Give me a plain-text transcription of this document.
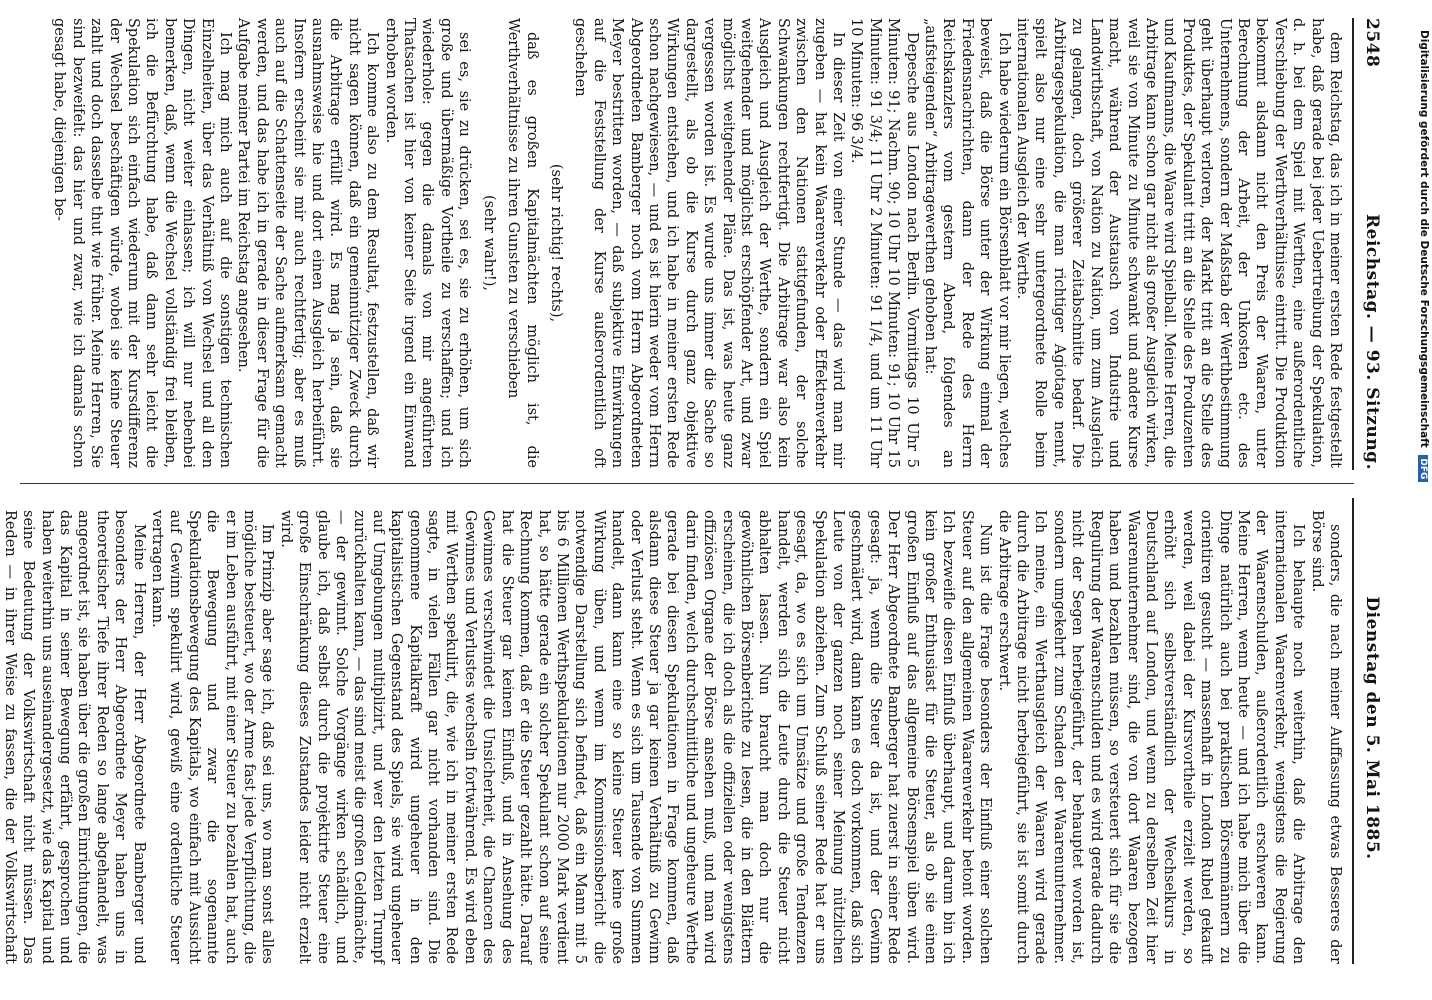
2548
Reichstag. — 93. Sitzung.
Dienstag den 5. Mai 1885.

dem Reichstag, das ich in meiner ersten Rede festgestellt habe, daß gerade bei jeder Uebertreibung der Spekulation, d. h. bei dem Spiel mit Werthen, eine außerordentliche Verschiebung der Werthverhältnisse eintritt. Die Produktion bekommt alsdann nicht den Preis der Waaren, unter Berechnung der Arbeit, der Unkosten etc. des Unternehmens, sondern der Maßstab der Werthbestimmung geht überhaupt verloren, der Markt tritt an die Stelle des Produktes, der Spekulant tritt an die Stelle des Produzenten und Kaufmanns, die Waare wird Spielball. Meine Herren, die Arbitrage kann schon gar nicht als großer Ausgleich wirken, weil sie von Minute zu Minute schwankt und andere Kurse macht, während der Austausch von Industrie und Landwirthschaft, von Nation zu Nation, um zum Ausgleich zu gelangen, doch größerer Zeitabschnitte bedarf. Die Arbitragespekulation, die man richtiger Agiotage nennt, spielt also nur eine sehr untergeordnete Rolle beim internationalen Ausgleich der Werthe.

Ich habe wiederum ein Börsenblatt vor mir liegen, welches beweist, daß die Börse unter der Wirkung einmal der Friedensnachrichten, dann der Rede des Herrn Reichskanzlers vom gestern Abend, folgendes an „aufsteigenden“ Arbitragewerthen gehoben hat:

Depesche aus London nach Berlin. Vormittags 10 Uhr 5 Minuten: 91; Nachm. 90; 10 Uhr 10 Minuten: 91; 10 Uhr 15 Minuten: 91 3/4; 11 Uhr 2 Minuten: 91 1/4, und um 11 Uhr 10 Minuten: 96 3/4.

In dieser Zeit von einer Stunde — das wird man mir zugeben — hat kein Waarenverkehr oder Effektenverkehr zwischen den Nationen stattgefunden, der solche Schwankungen rechtfertigt. Die Arbitrage war also kein Ausgleich und Ausgleich der Werthe, sondern ein Spiel weitgehender und möglichst erschöpfender Art, und zwar möglichst weitgehender Pläne. Das ist, was heute ganz vergessen worden ist. Es wurde uns immer die Sache so dargestellt, als ob die Kurse durch ganz objektive Wirkungen entstehen, und ich habe in meiner ersten Rede schon nachgewiesen, — und es ist hierin weder vom Herrn Abgeordneten Bamberger noch vom Herrn Abgeordneten Meyer bestritten worden, — daß subjektive Einwirkungen auf die Feststellung der Kurse außerordentlich oft geschehen

(sehr richtig! rechts),

daß es großen Kapitalmächten möglich ist, die Werthverhältnisse zu ihren Gunsten zu verschieben

(sehr wahr!),

sei es, sie zu drücken, sei es, sie zu erhöhen, um sich große und übermäßige Vortheile zu verschaffen; und ich wiederhole: gegen die damals von mir angeführten Thatsachen ist hier von keiner Seite irgend ein Einwand erhoben worden.

Ich komme also zu dem Resultat, festzustellen, daß wir nicht sagen können, daß ein gemeinnütziger Zweck durch die Arbitrage erfüllt wird. Es mag ja sein, daß sie ausnahmsweise hie und dort einen Ausgleich herbeiführt. Insofern erscheint sie mir auch rechtfertig; aber es muß auch auf die Schattenseite der Sache aufmerksam gemacht werden, und das habe ich in gerade in dieser Frage für die Aufgabe meiner Partei im Reichstag angesehen.

Ich mag mich auch auf die sonstigen technischen Einzelheiten, über das Verhältniß von Wechsel und all den Dingen, nicht weiter einlassen; ich will nur nebenbei bemerken, daß, wenn die Wechsel vollständig frei bleiben, ich die Befürchtung habe, daß dann sehr leicht die Spekulation sich einfach wiederum mit der Kursdifferenz der Wechsel beschäftigen würde, wobei sie keine Steuer zahlt und doch dasselbe thut wie früher. Meine Herren, Sie sind bezweifelt: das hier und zwar, wie ich damals schon gesagt habe, diejenigen be-

sonders, die nach meiner Auffassung etwas Besseres der Börse sind.

Ich behaupte noch weiterhin, daß die Arbitrage den internationalen Waarenverkehr, wenigstens die Regierung der Waarenschulden, außerordentlich erschweren kann. Meine Herren, wenn heute — und ich habe mich über die Dinge natürlich auch bei praktischen Börsenmännern zu orientiren gesucht — massenhaft in London Rubel gekauft werden, weil dabei der Kursvortheile erzielt werden, so erhöht sich selbstverständlich der Wechselkurs in Deutschland auf London, und wenn zu derselben Zeit hier Waarenunternehmer sind, die von dort Waaren bezogen haben und bezahlen müssen, so versteuert sich für sie die Regulirung der Waarenschulden und es wird gerade dadurch nicht der Segen herbeigeführt, der behauptet worden ist, sondern umgekehrt zum Schaden der Waarenunternehmer. Ich meine, ein Werthausgleich der Waaren wird gerade durch die Arbitrage nicht herbeigeführt, sie ist somit durch die Arbitrage erschwert.

Nun ist die Frage besonders der Einfluß einer solchen Steuer auf den allgemeinen Waarenverkehr betont worden. Ich bezweifle diesen Einfluß überhaupt, und darum bin ich kein großer Enthusiast für die Steuer, als ob sie einen großen Einfluß auf das allgemeine Börsenspiel üben wird. Der Herr Abgeordnete Bamberger hat zuerst in seiner Rede gesagt: ja, wenn die Steuer da ist, und der Gewinn geschmälert wird, dann kann es doch vorkommen, daß sich Leute von der ganzen noch seiner Meinung nützlichen Spekulation abziehen. Zum Schluß seiner Rede hat er uns gesagt, da, wo es sich um Umsätze und große Tendenzen handelt, werden sich die Leute durch die Steuer nicht abhalten lassen. Nun braucht man doch nur die gewöhnlichen Börsenberichte zu lesen, die in den Blättern erscheinen, die ich doch als die offiziellen oder wenigstens offiziösen Organe der Börse ansehen muß, und man wird darin finden, welch durchschnittliche und ungeheure Werthe gerade bei diesen Spekulationen in Frage kommen, daß alsdann diese Steuer ja gar keinen Verhältniß zu Gewinn oder Verlust steht. Wenn es sich um Tausende von Summen handelt, dann kann eine so kleine Steuer keine große Wirkung üben, und wenn im Kommissionsbericht die notwendige Darstellung sich befindet, daß ein Mann mit 5 bis 6 Millionen Werthspekulationen nur 2000 Mark verdient hat, so hätte gerade ein solcher Spekulant schon auf seine Rechnung kommen, daß er die Steuer gezahlt hätte. Darauf hat die Steuer gar keinen Einfluß, und in Ansehung des Gewinnes verschwindet die Unsicherheit, die Chancen des Gewinnes und Verlustes wechseln fortwährend. Es wird eben mit Werthen spekulirt, die, wie ich in meiner ersten Rede sagte, in vielen Fällen gar nicht vorhanden sind. Die genommene Kapitalkraft wird ungeheuer in den kapitalistischen Gegenstand des Spiels, sie wird ungeheuer auf Umgebungen multiplizirt, und wer den letzten Trumpf zurückhalten kann, — das sind meist die großen Geldmächte, — der gewinnt. Solche Vorgänge wirken schädlich, und glaube ich, daß selbst durch die projektirte Steuer eine große Einschränkung dieses Zustandes leider nicht erzielt wird.

Im Prinzip aber sage ich, daß sei uns, wo man sonst alles mögliche besteuert, wo der Arme fast jede Verpflichtung, die er im Leben ausführt, mit einer Steuer zu bezahlen hat, auch die Bewegung und zwar die sogenannte Spekulationsbewegung des Kapitals, wo einfach mit Aussicht auf Gewinn spekulirt wird, gewiß eine ordentliche Steuer vertragen kann.

Meine Herren, der Herr Abgeordnete Bamberger und besonders der Herr Abgeordnete Meyer haben uns in theoretischer Tiefe ihrer Reden so lange abgehandelt, was angeordnet ist, sie haben über die großen Einrichtungen, die das Kapital in seiner Bewegung erfährt, gesprochen und haben weiterhin uns auseinandergesetzt, wie das Kapital und seine Bedeutung der Volkswirtschaft nicht müssen. Das Reden — in ihrer Weise zu fassen, die der Volkswirtschaft

Digitalisierung gefördert durch die Deutsche Forschungsgemeinschaft DFG
